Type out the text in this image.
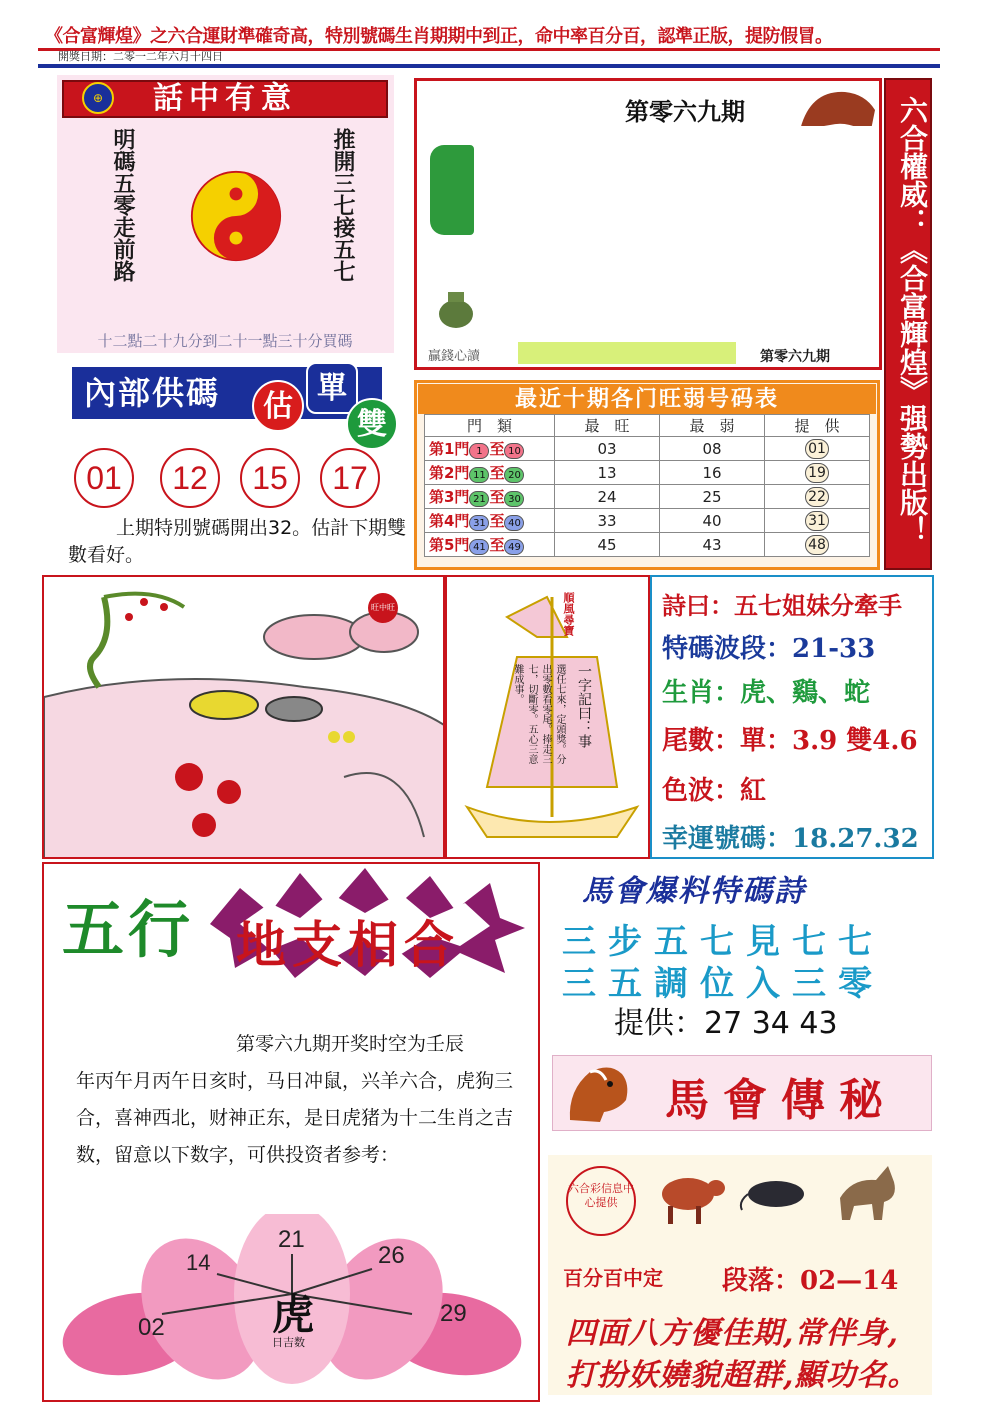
《合富輝煌》之六合運財準確奇高，特別號碼生肖期期中到正，命中率百分百，認準正版，提防假冒。
開獎日期：二零一二年六月十四日
話中有意
⊕
明碼五零走前路	推開三七接五七
十二點二十九分到二十一點三十分買碼
第零六九期
贏錢心讀	第零六九期 六合權威：《合富輝煌》强勢出版！
內部供碼	估
單
雙
01	12	15	17
上期特別號碼開出32。估計下期雙數看好。
最近十期各门旺弱号码表
門　類	最　旺	最　弱	提　供
第1門 1 至 10	03	08	01
第2門 11 至 20	13	16	19
第3門 21 至 30	24	25	22
第4門 31 至 40	33	40	31
第5門 41 至 49	45	43	48
旺中旺	順風尋寶
一字記曰：事
選任七來，定頭獎。分出零數看零尾。捧走三七，切斷零。五心三意難成事。
詩曰：五七姐妹分牽手
特碼波段：21-33
生肖：虎、鷄、蛇
尾數：單：3.9 雙4.6
色波：紅
幸運號碼：18.27.32
五行 地支相合
第零六九期开奖时空为壬辰
年丙午月丙午日亥时，马日冲鼠，兴羊六合，虎狗三合，喜神西北，财神正东，是日虎猪为十二生肖之吉数，留意以下数字，可供投资者参考：
虎
日吉数
02
14
21
26
29
馬會爆料特碼詩
三步五七見七七
三五調位入三零
提供：27 34 43
馬會傳秘
六合彩信息中心提供
百分百中定 段落：02—14
四面八方優佳期,常伴身,
打扮妖嬈貌超群,顯功名。
